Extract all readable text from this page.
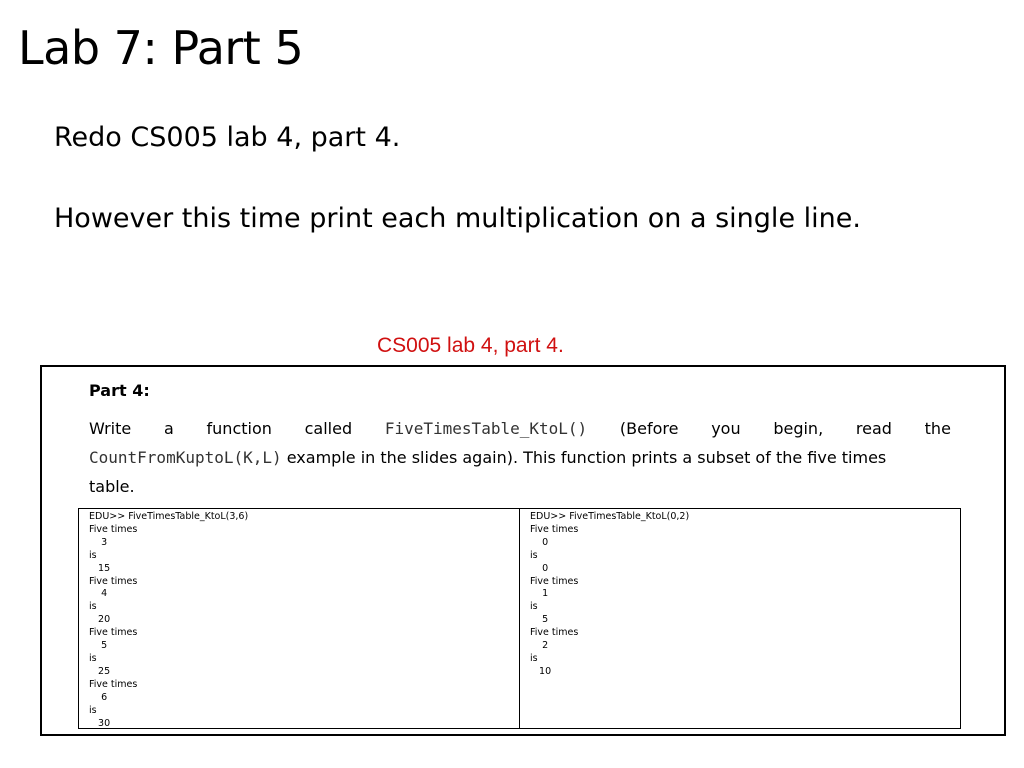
Lab 7: Part 5
Redo CS005 lab 4, part 4.
However this time print each multiplication on a single line.
CS005 lab 4, part 4.
Part 4:
Write a function called FiveTimesTable_KtoL() (Before you begin, read the
CountFromKuptoL(K,L) example in the slides again). This function prints a subset of the five times
table.
EDU>> FiveTimesTable_KtoL(3,6)
Five times
3
is
15
Five times
4
is
20
Five times
5
is
25
Five times
6
is
30
EDU>> FiveTimesTable_KtoL(0,2)
Five times
0
is
0
Five times
1
is
5
Five times
2
is
10
